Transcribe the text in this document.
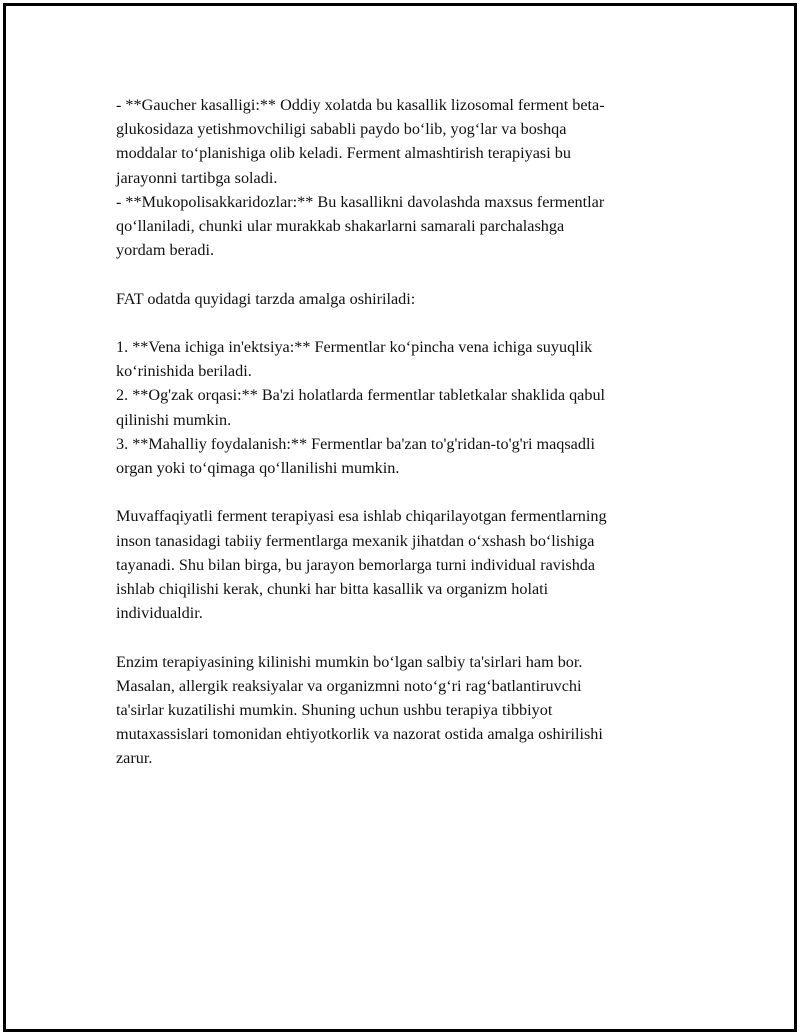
- **Gaucher kasalligi:** Oddiy xolatda bu kasallik lizosomal ferment beta-

glukosidaza yetishmovchiligi sababli paydo bo‘lib, yog‘lar va boshqa

moddalar to‘planishiga olib keladi. Ferment almashtirish terapiyasi bu

jarayonni tartibga soladi.

- **Mukopolisakkaridozlar:** Bu kasallikni davolashda maxsus fermentlar

qo‘llaniladi, chunki ular murakkab shakarlarni samarali parchalashga

yordam beradi.

FAT odatda quyidagi tarzda amalga oshiriladi:

1. **Vena ichiga in'ektsiya:** Fermentlar ko‘pincha vena ichiga suyuqlik

ko‘rinishida beriladi.

2. **Og'zak orqasi:** Ba'zi holatlarda fermentlar tabletkalar shaklida qabul

qilinishi mumkin.

3. **Mahalliy foydalanish:** Fermentlar ba'zan to'g'ridan-to'g'ri maqsadli

organ yoki to‘qimaga qo‘llanilishi mumkin.

Muvaffaqiyatli ferment terapiyasi esa ishlab chiqarilayotgan fermentlarning

inson tanasidagi tabiiy fermentlarga mexanik jihatdan o‘xshash bo‘lishiga

tayanadi. Shu bilan birga, bu jarayon bemorlarga turni individual ravishda

ishlab chiqilishi kerak, chunki har bitta kasallik va organizm holati

individualdir.

Enzim terapiyasining kilinishi mumkin bo‘lgan salbiy ta'sirlari ham bor.

Masalan, allergik reaksiyalar va organizmni noto‘g‘ri rag‘batlantiruvchi

ta'sirlar kuzatilishi mumkin. Shuning uchun ushbu terapiya tibbiyot

mutaxassislari tomonidan ehtiyotkorlik va nazorat ostida amalga oshirilishi

zarur.
